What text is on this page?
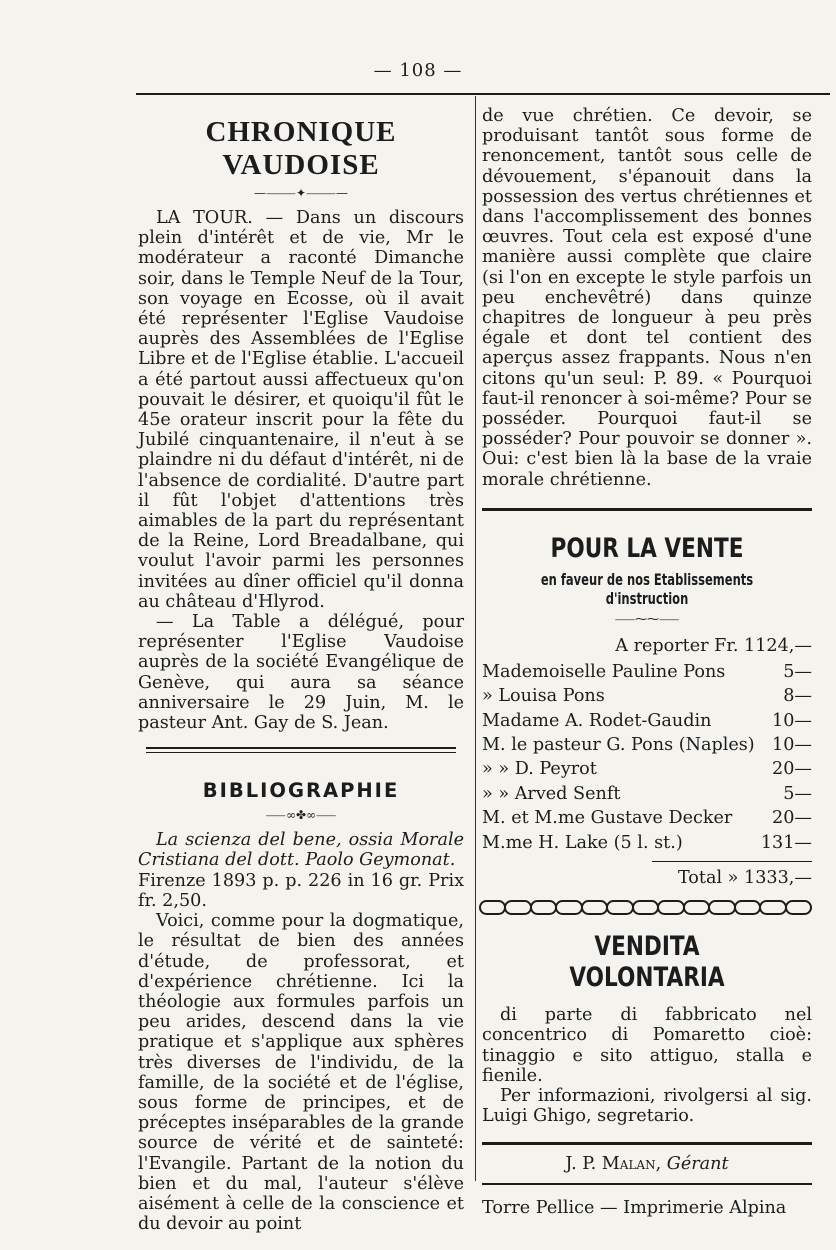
— 108 —
CHRONIQUE VAUDOISE
—⸻✦⸻—

LA TOUR. — Dans un discours plein d'intérêt et de vie, Mr le modérateur a raconté Dimanche soir, dans le Temple Neuf de la Tour, son voyage en Ecosse, où il avait été représenter l'Eglise Vaudoise auprès des Assemblées de l'Eglise Libre et de l'Eglise établie. L'accueil a été partout aussi affectueux qu'on pouvait le désirer, et quoiqu'il fût le 45e orateur inscrit pour la fête du Jubilé cinquantenaire, il n'eut à se plaindre ni du défaut d'intérêt, ni de l'absence de cordialité. D'autre part il fût l'objet d'attentions très aimables de la part du représentant de la Reine, Lord Breadalbane, qui voulut l'avoir parmi les personnes invitées au dîner officiel qu'il donna au château d'Hlyrod.

— La Table a délégué, pour représenter l'Eglise Vaudoise auprès de la société Evangélique de Genève, qui aura sa séance anniversaire le 29 Juin, M. le pasteur Ant. Gay de S. Jean.

BIBLIOGRAPHIE
⸺∞✤∞⸺

La scienza del bene, ossia Morale Cristiana del dott. Paolo Geymonat.

Firenze 1893 p. p. 226 in 16 gr. Prix fr. 2,50.

Voici, comme pour la dogmatique, le résultat de bien des années d'étude, de professorat, et d'expérience chrétienne. Ici la théologie aux formules parfois un peu arides, descend dans la vie pratique et s'applique aux sphères très diverses de l'individu, de la famille, de la société et de l'église, sous forme de principes, et de préceptes inséparables de la grande source de vérité et de sainteté: l'Evangile. Partant de la notion du bien et du mal, l'auteur s'élève aisément à celle de la conscience et du devoir au point

de vue chrétien. Ce devoir, se produisant tantôt sous forme de renoncement, tantôt sous celle de dévouement, s'épanouit dans la possession des vertus chrétiennes et dans l'accomplissement des bonnes œuvres. Tout cela est exposé d'une manière aussi complète que claire (si l'on en excepte le style parfois un peu enchevêtré) dans quinze chapitres de longueur à peu près égale et dont tel contient des aperçus assez frappants. Nous n'en citons qu'un seul: P. 89. « Pourquoi faut-il renoncer à soi-même? Pour se posséder. Pourquoi faut-il se posséder? Pour pouvoir se donner ». Oui: c'est bien là la base de la vraie morale chrétienne.

POUR LA VENTE
en faveur de nos Etablissements d'instruction
⸺⁓⁓⸺
A reporter Fr. 1124,—
Mademoiselle Pauline Pons	5—
» Louisa Pons	8—
Madame A. Rodet-Gaudin	10—
M. le pasteur G. Pons (Naples) 10—
» » D. Peyrot	20—
» » Arved Senft	5—
M. et M.me Gustave Decker 20—
M.me H. Lake (5 l. st.)	131—
Total » 1333,—
VENDITA VOLONTARIA

di parte di fabbricato nel concentrico di Pomaretto cioè: tinaggio e sito attiguo, stalla e fienile.

Per informazioni, rivolgersi al sig. Luigi Ghigo, segretario.

J. P. Malan, Gérant
Torre Pellice — Imprimerie Alpina
